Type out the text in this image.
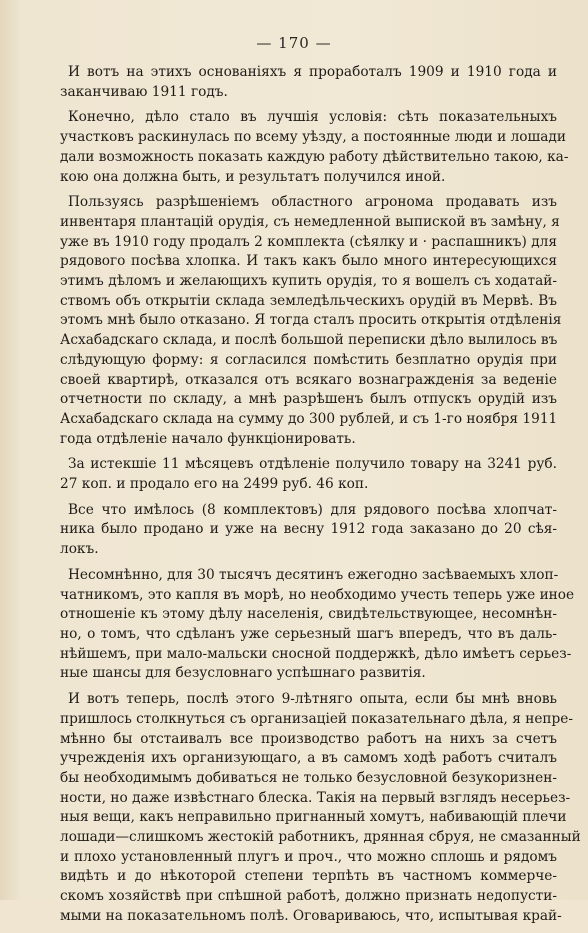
— 170 —
И вотъ на этихъ основаніяхъ я проработалъ 1909 и 1910 года и
заканчиваю 1911 годъ.
Конечно, дѣло стало въ лучшія условія: сѣть показательныхъ
участковъ раскинулась по всему уѣзду, а постоянные люди и лошади
дали возможность показать каждую работу дѣйствительно такою, ка-
кою она должна быть, и результатъ получился иной.
Пользуясь разрѣшеніемъ областного агронома продавать изъ
инвентаря плантацій орудія, съ немедленной выпиской въ замѣну, я
уже въ 1910 году продалъ 2 комплекта (сѣялку и · распашникъ) для
рядового посѣва хлопка. И такъ какъ было много интересующихся
этимъ дѣломъ и желающихъ купить орудія, то я вошелъ съ ходатай-
ствомъ объ открытіи склада земледѣльческихъ орудій въ Мервѣ. Въ
этомъ мнѣ было отказано. Я тогда сталъ просить открытія отдѣленія
Асхабадскаго склада, и послѣ большой переписки дѣло вылилось въ
слѣдующую форму: я согласился помѣстить безплатно орудія при
своей квартирѣ, отказался отъ всякаго вознагражденія за веденіе
отчетности по складу, а мнѣ разрѣшенъ былъ отпускъ орудій изъ
Асхабадскаго склада на сумму до 300 рублей, и съ 1-го ноября 1911
года отдѣленіе начало функціонировать.
За истекшіе 11 мѣсяцевъ отдѣленіе получило товару на 3241 руб.
27 коп. и продало его на 2499 руб. 46 коп.
Все что имѣлось (8 комплектовъ) для рядового посѣва хлопчат-
ника было продано и уже на весну 1912 года заказано до 20 сѣя-
локъ.
Несомнѣнно, для 30 тысячъ десятинъ ежегодно засѣваемыхъ хлоп-
чатникомъ, это капля въ морѣ, но необходимо учесть теперь уже иное
отношеніе къ этому дѣлу населенія, свидѣтельствующее, несомнѣн-
но, о томъ, что сдѣланъ уже серьезный шагъ впередъ, что въ даль-
нѣйшемъ, при мало-мальски сносной поддержкѣ, дѣло имѣетъ серьез-
ные шансы для безусловнаго успѣшнаго развитія.
И вотъ теперь, послѣ этого 9-лѣтняго опыта, если бы мнѣ вновь
пришлось столкнуться съ организаціей показательнаго дѣла, я непре-
мѣнно бы отстаивалъ все производство работъ на нихъ за счетъ
учрежденія ихъ организующаго, а въ самомъ ходѣ работъ считалъ
бы необходимымъ добиваться не только безусловной безукоризнен-
ности, но даже извѣстнаго блеска. Такія на первый взглядъ несерьез-
ныя вещи, какъ неправильно пригнанный хомутъ, набивающій плечи
лошади—слишкомъ жестокій работникъ, дрянная сбруя, не смазанный
и плохо установленный плугъ и проч., что можно сплошь и рядомъ
видѣть и до нѣкоторой степени терпѣть въ частномъ коммерче-
скомъ хозяйствѣ при спѣшной работѣ, должно признать недопусти-
мыми на показательномъ полѣ. Оговариваюсь, что, испытывая край-
